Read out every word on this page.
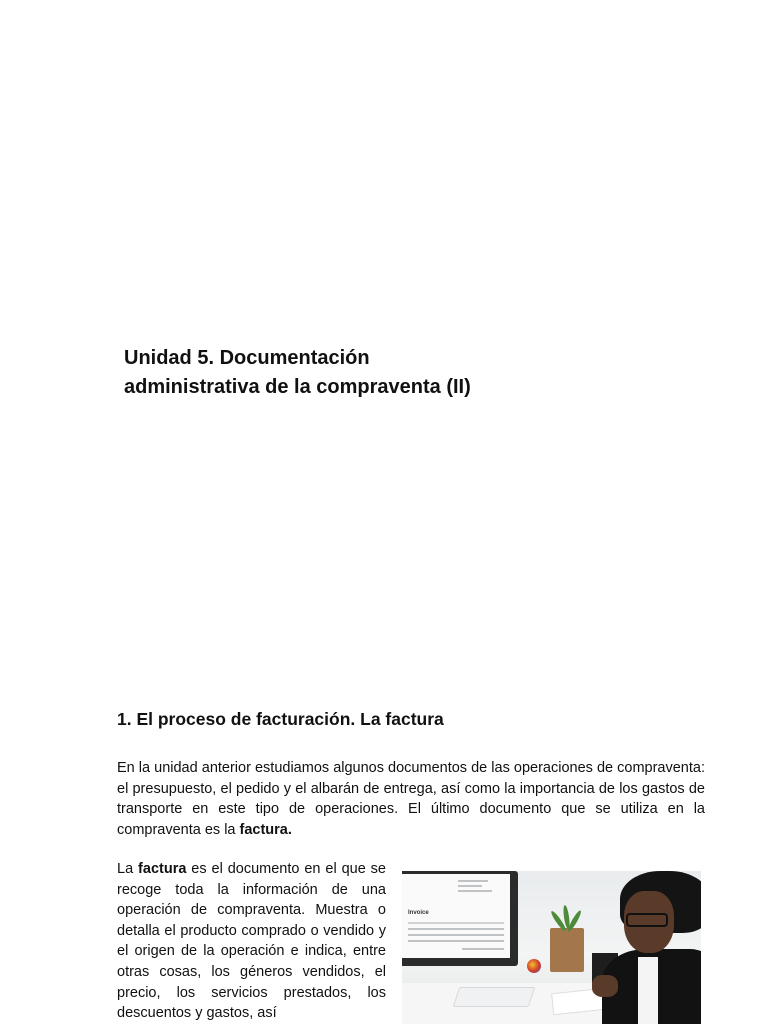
Unidad 5. Documentación
administrativa de la compraventa (II)
1. El proceso de facturación. La factura

En la unidad anterior estudiamos algunos documentos de las operaciones de compraventa: el presupuesto, el pedido y el albarán de entrega, así como la importancia de los gastos de transporte en este tipo de operaciones. El último documento que se utiliza en la compraventa es la factura.

La factura es el documento en el que se recoge toda la información de una operación de compraventa. Muestra o detalla el producto comprado o vendido y el origen de la operación e indica, entre otras cosas, los géneros vendidos, el precio, los servicios prestados, los descuentos y gastos, así

Invoice
